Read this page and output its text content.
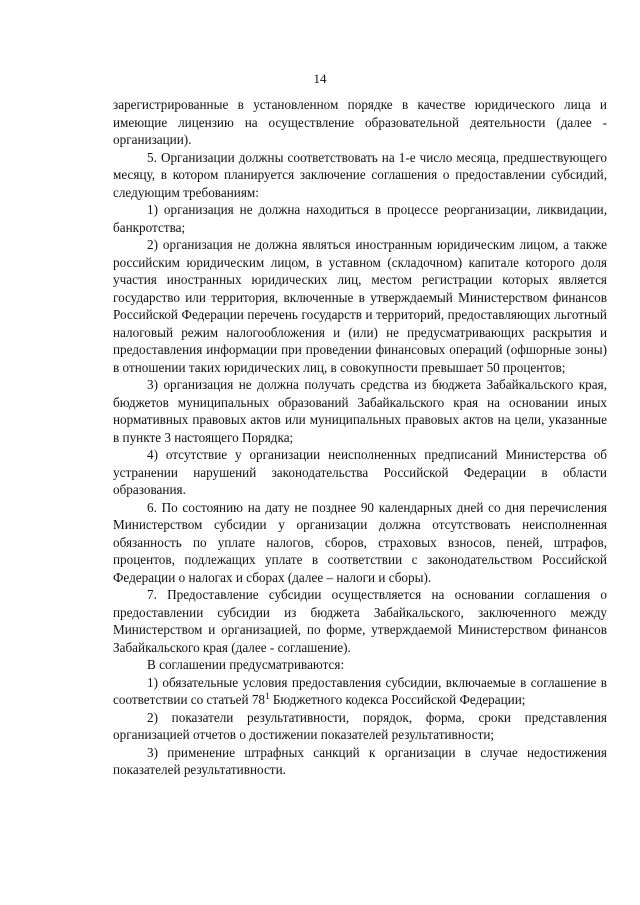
14

зарегистрированные в установленном порядке в качестве юридического лица и имеющие лицензию на осуществление образовательной деятельности (далее - организации).

5. Организации должны соответствовать на 1-е число месяца, предшествующего месяцу, в котором планируется заключение соглашения о предоставлении субсидий, следующим требованиям:

1) организация не должна находиться в процессе реорганизации, ликвидации, банкротства;

2) организация не должна являться иностранным юридическим лицом, а также российским юридическим лицом, в уставном (складочном) капитале которого доля участия иностранных юридических лиц, местом регистрации которых является государство или территория, включенные в утверждаемый Министерством финансов Российской Федерации перечень государств и территорий, предоставляющих льготный налоговый режим налогообложения и (или) не предусматривающих раскрытия и предоставления информации при проведении финансовых операций (офшорные зоны) в отношении таких юридических лиц, в совокупности превышает 50 процентов;

3) организация не должна получать средства из бюджета Забайкальского края, бюджетов муниципальных образований Забайкальского края на основании иных нормативных правовых актов или муниципальных правовых актов на цели, указанные в пункте 3 настоящего Порядка;

4) отсутствие у организации неисполненных предписаний Министерства об устранении нарушений законодательства Российской Федерации в области образования.

6. По состоянию на дату не позднее 90 календарных дней со дня перечисления Министерством субсидии у организации должна отсутствовать неисполненная обязанность по уплате налогов, сборов, страховых взносов, пеней, штрафов, процентов, подлежащих уплате в соответствии с законодательством Российской Федерации о налогах и сборах (далее – налоги и сборы).

7. Предоставление субсидии осуществляется на основании соглашения о предоставлении субсидии из бюджета Забайкальского, заключенного между Министерством и организацией, по форме, утверждаемой Министерством финансов Забайкальского края (далее - соглашение).

В соглашении предусматриваются:

1) обязательные условия предоставления субсидии, включаемые в соглашение в соответствии со статьей $78^1$ Бюджетного кодекса Российской Федерации;

2) показатели результативности, порядок, форма, сроки представления организацией отчетов о достижении показателей результативности;

3) применение штрафных санкций к организации в случае недостижения показателей результативности.
